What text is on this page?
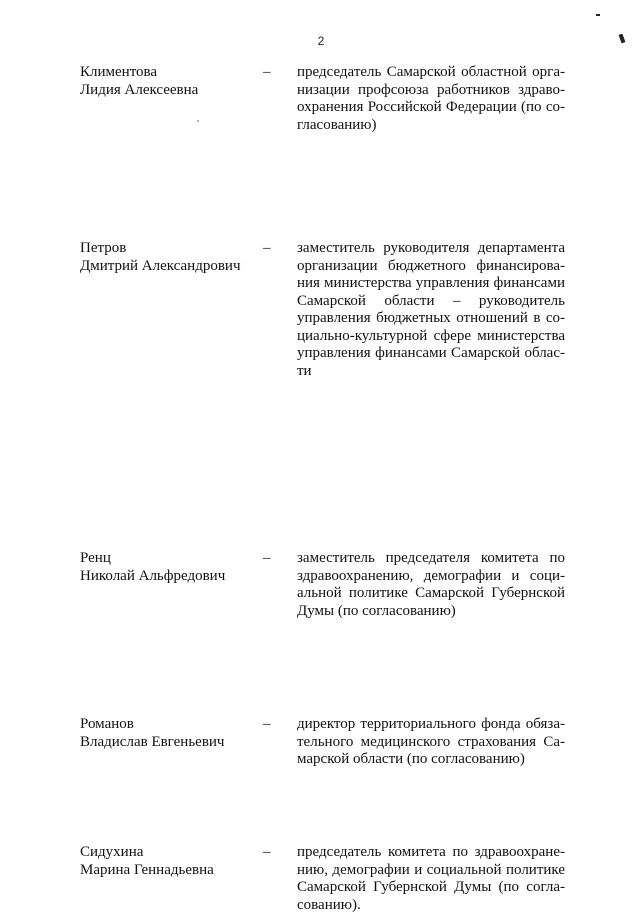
2
Климентова
Лидия Алексеевна
– председатель Самарской областной орга-
низации профсоюза работников здраво-
охранения Российской Федерации (по со-
гласованию)
Петров
Дмитрий Александрович
– заместитель руководителя департамента
организации бюджетного финансирова-
ния министерства управления финансами
Самарской области – руководитель
управления бюджетных отношений в со-
циально-культурной сфере министерства
управления финансами Самарской облас-
ти
Ренц
Николай Альфредович
– заместитель председателя комитета по
здравоохранению, демографии и соци-
альной политике Самарской Губернской
Думы (по согласованию)
Романов
Владислав Евгеньевич
– директор территориального фонда обяза-
тельного медицинского страхования Са-
марской области (по согласованию)
Сидухина
Марина Геннадьевна
– председатель комитета по здравоохране-
нию, демографии и социальной политике
Самарской Губернской Думы (по согла-
сованию).
